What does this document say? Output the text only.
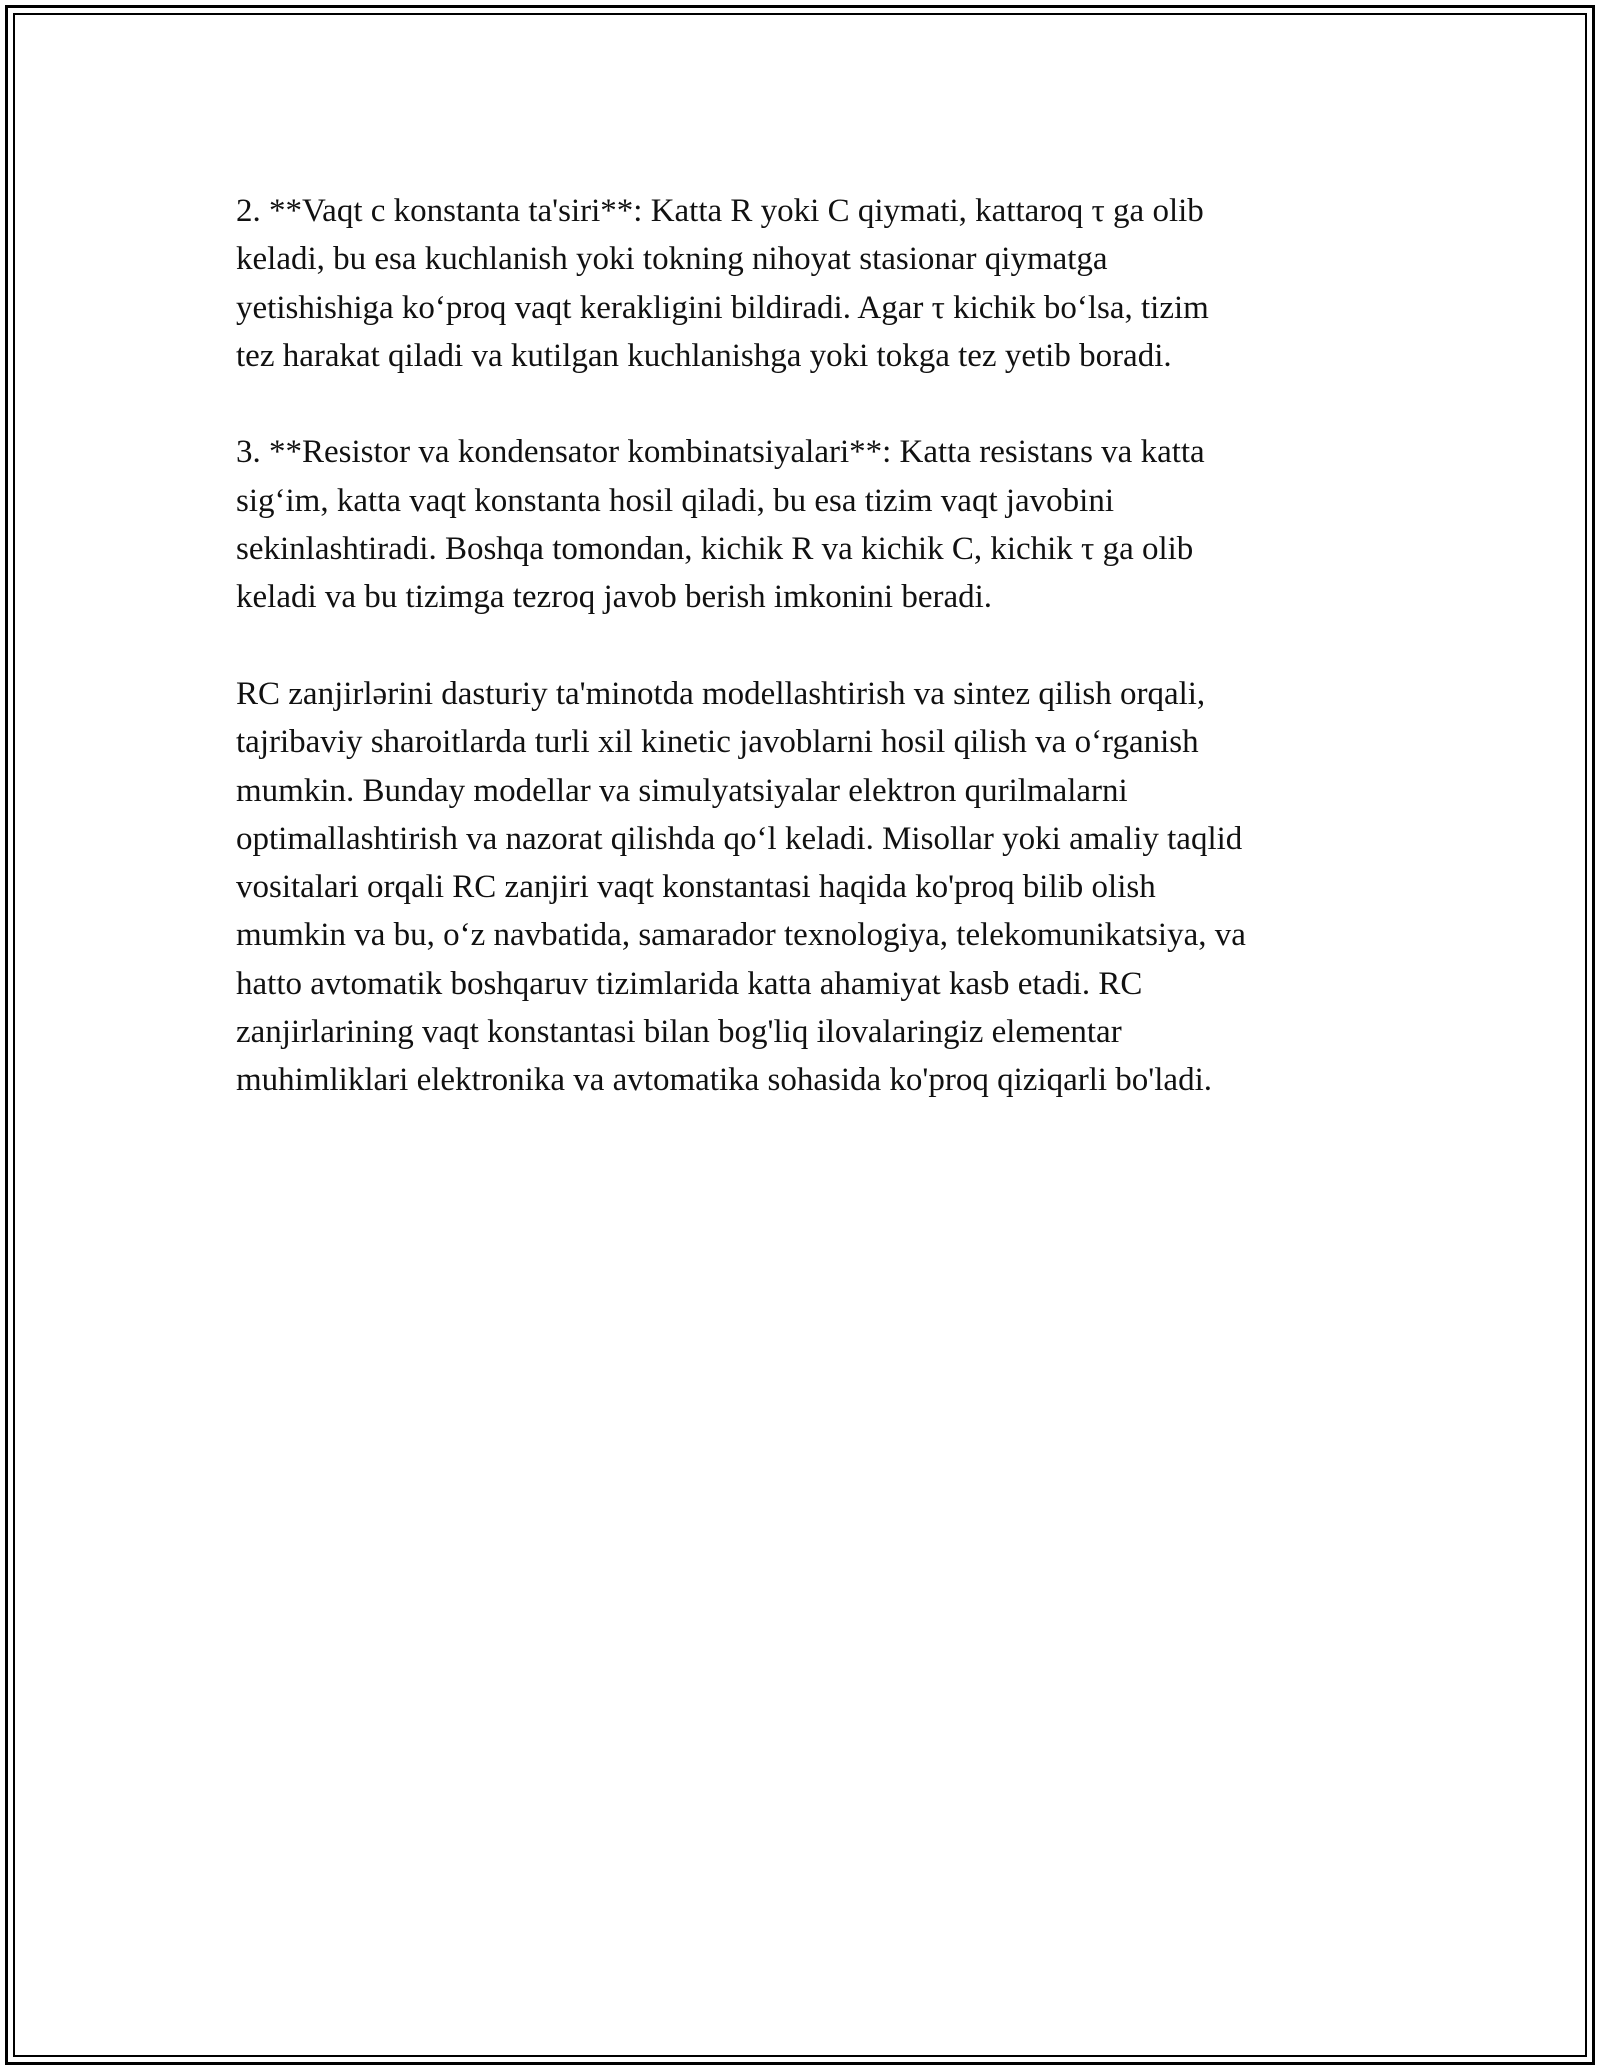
2. **Vaqt c konstanta ta'siri**: Katta R yoki C qiymati, kattaroq τ ga olib
keladi, bu esa kuchlanish yoki tokning nihoyat stasionar qiymatga
yetishishiga ko‘proq vaqt kerakligini bildiradi. Agar τ kichik bo‘lsa, tizim
tez harakat qiladi va kutilgan kuchlanishga yoki tokga tez yetib boradi.

3. **Resistor va kondensator kombinatsiyalari**: Katta resistans va katta
sig‘im, katta vaqt konstanta hosil qiladi, bu esa tizim vaqt javobini
sekinlashtiradi. Boshqa tomondan, kichik R va kichik C, kichik τ ga olib
keladi va bu tizimga tezroq javob berish imkonini beradi.

RC zanjirlərini dasturiy ta'minotda modellashtirish va sintez qilish orqali,
tajribaviy sharoitlarda turli xil kinetic javoblarni hosil qilish va o‘rganish
mumkin. Bunday modellar va simulyatsiyalar elektron qurilmalarni
optimallashtirish va nazorat qilishda qo‘l keladi. Misollar yoki amaliy taqlid
vositalari orqali RC zanjiri vaqt konstantasi haqida ko'proq bilib olish
mumkin va bu, o‘z navbatida, samarador texnologiya, telekomunikatsiya, va
hatto avtomatik boshqaruv tizimlarida katta ahamiyat kasb etadi. RC
zanjirlarining vaqt konstantasi bilan bog'liq ilovalaringiz elementar
muhimliklari elektronika va avtomatika sohasida ko'proq qiziqarli bo'ladi.
